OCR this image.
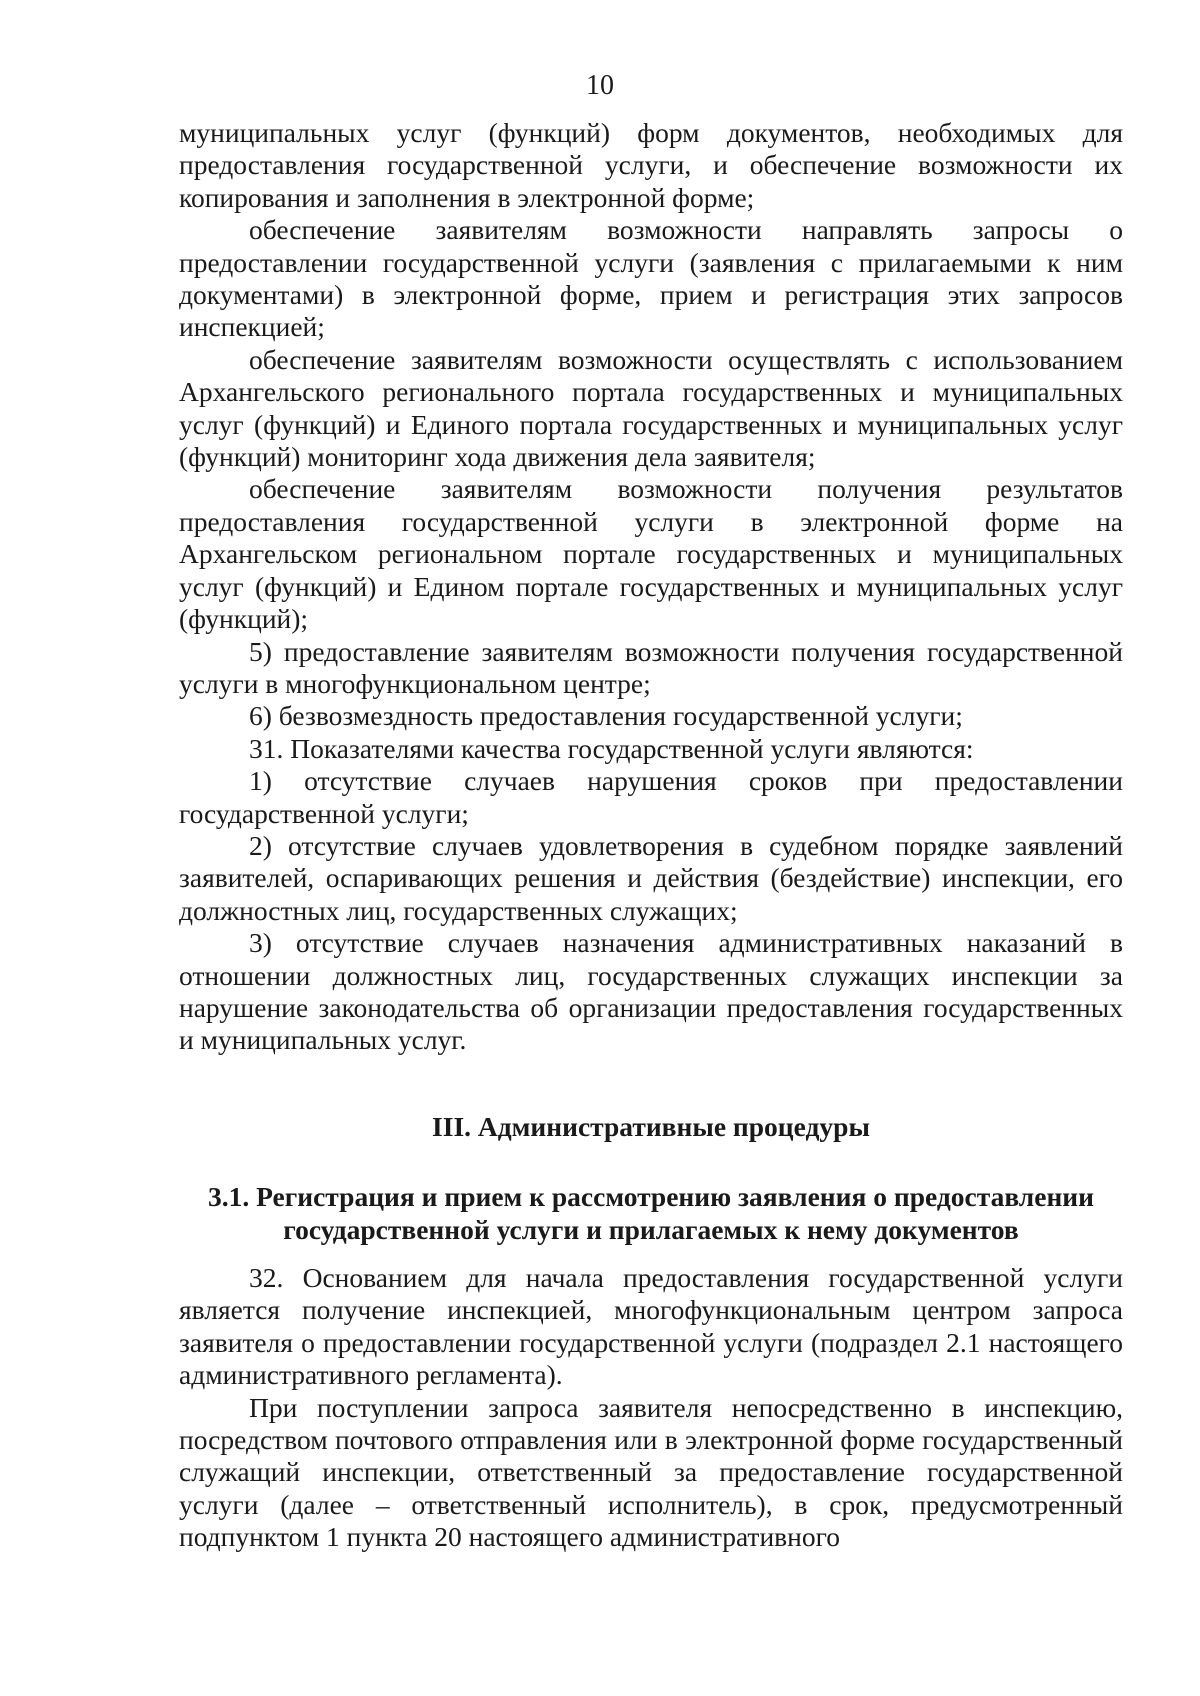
10

муниципальных услуг (функций) форм документов, необходимых для предоставления государственной услуги, и обеспечение возможности их копирования и заполнения в электронной форме;

обеспечение заявителям возможности направлять запросы о предоставлении государственной услуги (заявления с прилагаемыми к ним документами) в электронной форме, прием и регистрация этих запросов инспекцией;

обеспечение заявителям возможности осуществлять с использованием Архангельского регионального портала государственных и муниципальных услуг (функций) и Единого портала государственных и муниципальных услуг (функций) мониторинг хода движения дела заявителя;

обеспечение заявителям возможности получения результатов предоставления государственной услуги в электронной форме на Архангельском региональном портале государственных и муниципальных услуг (функций) и Едином портале государственных и муниципальных услуг (функций);

5) предоставление заявителям возможности получения государственной услуги в многофункциональном центре;

6) безвозмездность предоставления государственной услуги;

31. Показателями качества государственной услуги являются:

1) отсутствие случаев нарушения сроков при предоставлении государственной услуги;

2) отсутствие случаев удовлетворения в судебном порядке заявлений заявителей, оспаривающих решения и действия (бездействие) инспекции, его должностных лиц, государственных служащих;

3) отсутствие случаев назначения административных наказаний в отношении должностных лиц, государственных служащих инспекции за нарушение законодательства об организации предоставления государственных и муниципальных услуг.

III. Административные процедуры
3.1. Регистрация и прием к рассмотрению заявления о предоставлении
государственной услуги и прилагаемых к нему документов

32. Основанием для начала предоставления государственной услуги является получение инспекцией, многофункциональным центром запроса заявителя о предоставлении государственной услуги (подраздел 2.1 настоящего административного регламента).

При поступлении запроса заявителя непосредственно в инспекцию, посредством почтового отправления или в электронной форме государственный служащий инспекции, ответственный за предоставление государственной услуги (далее – ответственный исполнитель), в срок, предусмотренный подпунктом 1 пункта 20 настоящего административного
